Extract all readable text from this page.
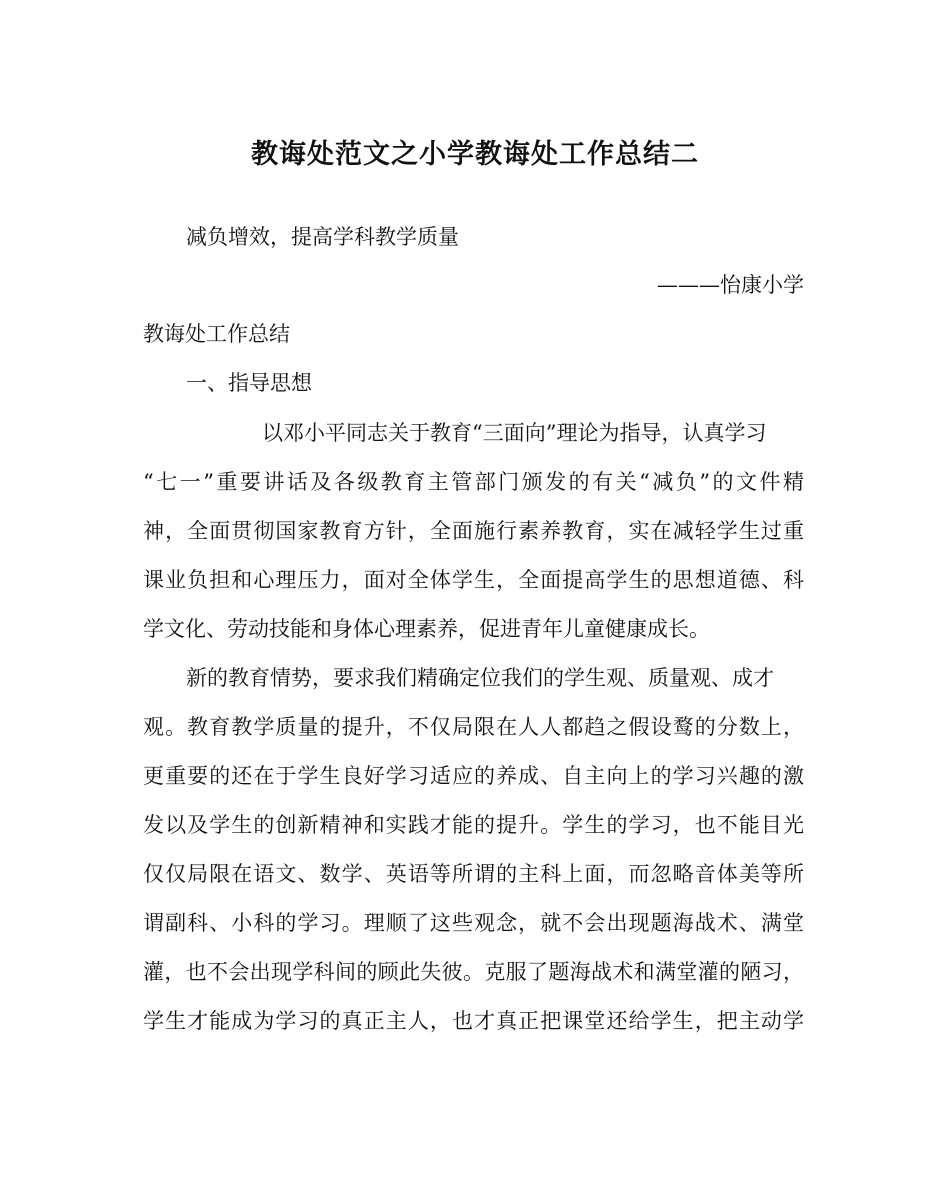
教诲处范文之小学教诲处工作总结二
减负增效，提高学科教学质量
———怡康小学
教诲处工作总结
一、指导思想
以邓小平同志关于教育“三面向”理论为指导，认真学习
“七一”重要讲话及各级教育主管部门颁发的有关“减负”的文件精
神，全面贯彻国家教育方针，全面施行素养教育，实在减轻学生过重
课业负担和心理压力，面对全体学生，全面提高学生的思想道德、科
学文化、劳动技能和身体心理素养，促进青年儿童健康成长。
新的教育情势，要求我们精确定位我们的学生观、质量观、成才
观。教育教学质量的提升，不仅局限在人人都趋之假设鹜的分数上，
更重要的还在于学生良好学习适应的养成、自主向上的学习兴趣的激
发以及学生的创新精神和实践才能的提升。学生的学习，也不能目光
仅仅局限在语文、数学、英语等所谓的主科上面，而忽略音体美等所
谓副科、小科的学习。理顺了这些观念，就不会出现题海战术、满堂
灌，也不会出现学科间的顾此失彼。克服了题海战术和满堂灌的陋习，
学生才能成为学习的真正主人，也才真正把课堂还给学生，把主动学
